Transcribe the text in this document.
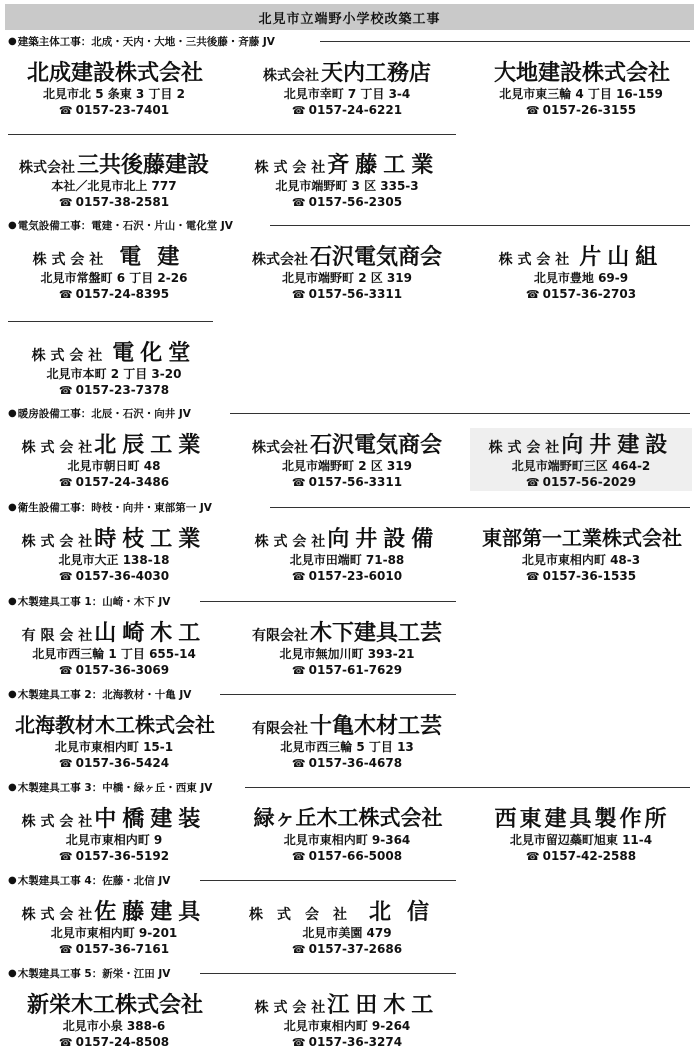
北見市立端野小学校改築工事
● 建築主体工事：北成・天内・大地・三共後藤・斉藤 JV
北成建設株式会社
北見市北 5 条東 3 丁目 2
☎ 0157-23-7401
株式会社 天内工務店
北見市幸町 7 丁目 3-4
☎ 0157-24-6221
大地建設株式会社
北見市東三輪 4 丁目 16-159
☎ 0157-26-3155
株式会社 三共後藤建設
本社／北見市北上 777
☎ 0157-38-2581
株 式 会 社 斉藤工業
北見市端野町 3 区 335-3
☎ 0157-56-2305
● 電気設備工事：電建・石沢・片山・電化堂 JV
株 式 会 社 電建
北見市常盤町 6 丁目 2-26
☎ 0157-24-8395
株式会社 石沢電気商会
北見市端野町 2 区 319
☎ 0157-56-3311
株 式 会 社 片山組
北見市豊地 69-9
☎ 0157-36-2703
株 式 会 社 電化堂
北見市本町 2 丁目 3-20
☎ 0157-23-7378
● 暖房設備工事：北辰・石沢・向井 JV
株 式 会 社 北辰工業
北見市朝日町 48
☎ 0157-24-3486
株式会社 石沢電気商会
北見市端野町 2 区 319
☎ 0157-56-3311
株 式 会 社 向井建設
北見市端野町三区 464-2
☎ 0157-56-2029
● 衛生設備工事：時枝・向井・東部第一 JV
株 式 会 社 時枝工業
北見市大正 138-18
☎ 0157-36-4030
株 式 会 社 向井設備
北見市田端町 71-88
☎ 0157-23-6010
東部第一工業株式会社
北見市東相内町 48-3
☎ 0157-36-1535
● 木製建具工事 1：山崎・木下 JV
有 限 会 社 山崎木工
北見市西三輪 1 丁目 655-14
☎ 0157-36-3069
有限会社 木下建具工芸
北見市無加川町 393-21
☎ 0157-61-7629
● 木製建具工事 2：北海教材・十亀 JV
北海教材木工株式会社
北見市東相内町 15-1
☎ 0157-36-5424
有限会社 十亀木材工芸
北見市西三輪 5 丁目 13
☎ 0157-36-4678
● 木製建具工事 3：中橋・緑ヶ丘・西東 JV
株 式 会 社 中橋建装
北見市東相内町 9
☎ 0157-36-5192
緑ヶ丘木工株式会社
北見市東相内町 9-364
☎ 0157-66-5008
西東建具製作所
北見市留辺蘂町旭東 11-4
☎ 0157-42-2588
● 木製建具工事 4：佐藤・北信 JV
株 式 会 社 佐藤建具
北見市東相内町 9-201
☎ 0157-36-7161
株　式　会　社 北信
北見市美園 479
☎ 0157-37-2686
● 木製建具工事 5：新栄・江田 JV
新栄木工株式会社
北見市小泉 388-6
☎ 0157-24-8508
株 式 会 社 江田木工
北見市東相内町 9-264
☎ 0157-36-3274
